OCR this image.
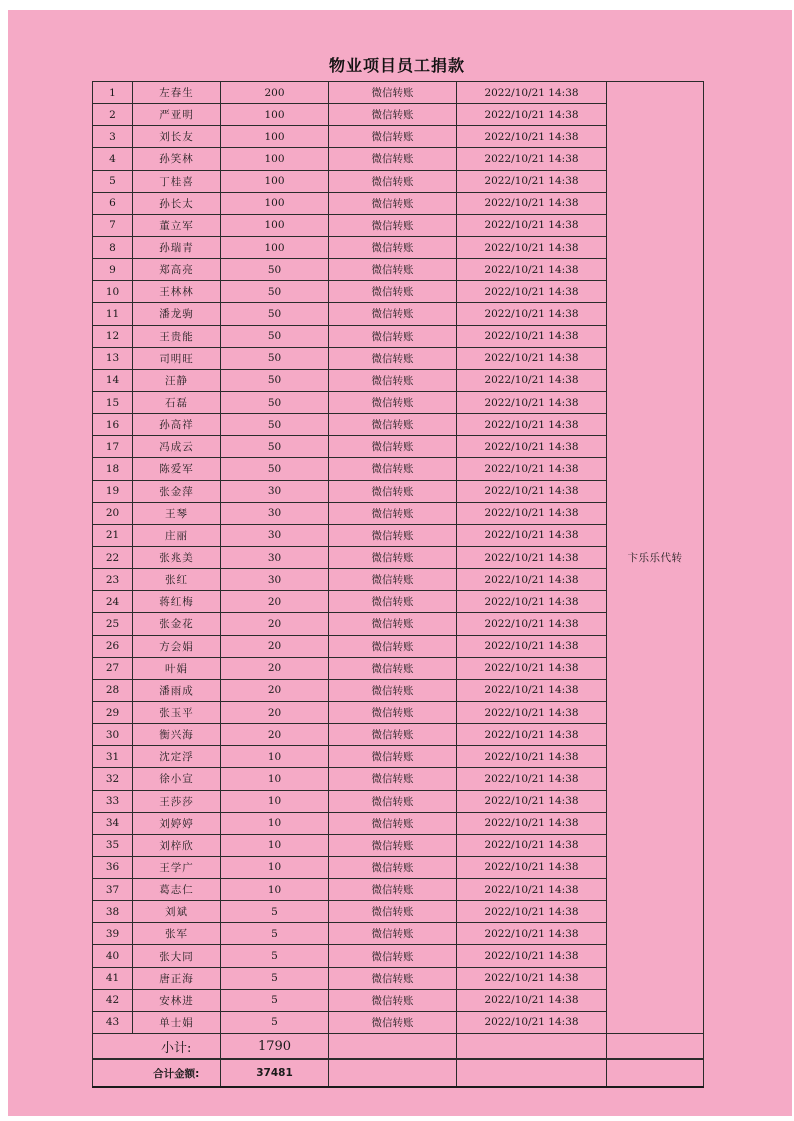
物业项目员工捐款
1	左春生	200	微信转账	2022/10/21 14:38	卞乐乐代转
2	严亚明	100	微信转账	2022/10/21 14:38	
3	刘长友	100	微信转账	2022/10/21 14:38	
4	孙笑林	100	微信转账	2022/10/21 14:38	
5	丁桂喜	100	微信转账	2022/10/21 14:38	
6	孙长太	100	微信转账	2022/10/21 14:38	
7	董立军	100	微信转账	2022/10/21 14:38	
8	孙瑞青	100	微信转账	2022/10/21 14:38	
9	郑高亮	50	微信转账	2022/10/21 14:38	
10	王林林	50	微信转账	2022/10/21 14:38	
11	潘龙驹	50	微信转账	2022/10/21 14:38	
12	王贵能	50	微信转账	2022/10/21 14:38	
13	司明旺	50	微信转账	2022/10/21 14:38	
14	汪静	50	微信转账	2022/10/21 14:38	
15	石磊	50	微信转账	2022/10/21 14:38	
16	孙高祥	50	微信转账	2022/10/21 14:38	
17	冯成云	50	微信转账	2022/10/21 14:38	
18	陈爱军	50	微信转账	2022/10/21 14:38	
19	张金萍	30	微信转账	2022/10/21 14:38	
20	王琴	30	微信转账	2022/10/21 14:38	
21	庄丽	30	微信转账	2022/10/21 14:38	
22	张兆美	30	微信转账	2022/10/21 14:38	
23	张红	30	微信转账	2022/10/21 14:38	
24	蒋红梅	20	微信转账	2022/10/21 14:38	
25	张金花	20	微信转账	2022/10/21 14:38	
26	方会娟	20	微信转账	2022/10/21 14:38	
27	叶娟	20	微信转账	2022/10/21 14:38	
28	潘雨成	20	微信转账	2022/10/21 14:38	
29	张玉平	20	微信转账	2022/10/21 14:38	
30	衡兴海	20	微信转账	2022/10/21 14:38	
31	沈定浮	10	微信转账	2022/10/21 14:38	
32	徐小宣	10	微信转账	2022/10/21 14:38	
33	王莎莎	10	微信转账	2022/10/21 14:38	
34	刘婷婷	10	微信转账	2022/10/21 14:38	
35	刘梓欣	10	微信转账	2022/10/21 14:38	
36	王学广	10	微信转账	2022/10/21 14:38	
37	葛志仁	10	微信转账	2022/10/21 14:38	
38	刘斌	5	微信转账	2022/10/21 14:38	
39	张军	5	微信转账	2022/10/21 14:38	
40	张大同	5	微信转账	2022/10/21 14:38	
41	唐正海	5	微信转账	2022/10/21 14:38	
42	安林进	5	微信转账	2022/10/21 14:38	
43	单士娟	5	微信转账	2022/10/21 14:38	
	小计:	1790			
	合计金额:	37481			
